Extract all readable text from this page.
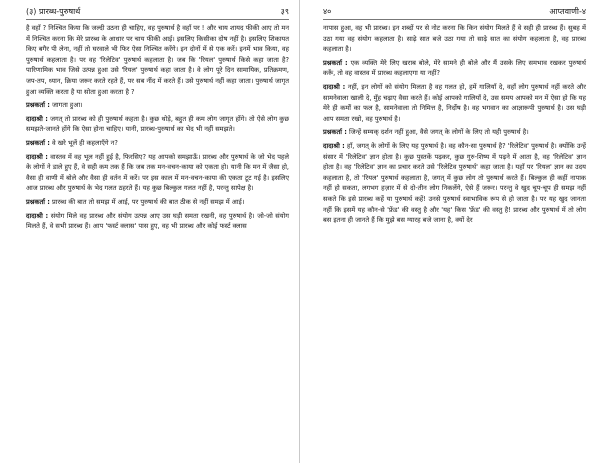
(३) प्रारब्ध-पुरुषार्थ	३९

है वहाँ ? निश्चित किया कि जल्दी उठना ही चाहिए, वह पुरुषार्थ है वहाँ पर ! और चाय शायद फीकी आए तो मन में निश्चित करना कि मेरे प्रारब्ध के आधार पर चाय फीकी आई। इसलिए किसीका दोष नहीं है। इसलिए शिकायत किए बगैर पी लेना, नहीं तो घरवाले भी फिर ऐसा निश्चित करेंगे। इन दोनों में से एक करें। इनमें भाव किया, वह पुरुषार्थ कहलाता है। पर वह 'रिलेटिव' पुरुषार्थ कहलाता है। जब कि 'रियल' पुरुषार्थ किसे कहा जाता है? पारिणामिक भाव जिसे उत्पन्न हुआ उसे 'रियल' पुरुषार्थ कहा जाता है। वे लोग पूरे दिन सामायिक, प्रतिक्रमण, जप-तप, ध्यान, क्रिया जरूर करते रहते हैं, पर सब नींद में करते हैं। उसे पुरुषार्थ नहीं कहा जाता। पुरुषार्थ जागृत हुआ व्यक्ति करता है या सोता हुआ करता है ?

प्रश्नकर्ता : जागता हुआ।

दादाश्री : जगत् तो प्रारब्ध को ही पुरुषार्थ कहता है। कुछ थोड़े, बहुत ही कम लोग जागृत होंगे। तो ऐसे लोग कुछ समझते-जानते होंगे कि ऐसा होना चाहिए। यानी, प्रारब्ध-पुरुषार्थ का भेद भी नहीं समझते।

प्रश्नकर्ता : वे खरे भूलें ही कहलाएँगे न?

दादाश्री : वास्तव में वह भूल नहीं हुई है, फिरसिए? यह आपको समझाऊँ। प्रारब्ध और पुरुषार्थ के जो भेद पहले के लोगों ने डाले हुए हैं, वे सही कम तक हैं कि जब तक मन-वचन-काया को एकता हो। यानी कि मन में जैसा हो, वैसा ही वाणी में बोले और वैसा ही वर्तन में करें। पर इस काल में मन-वचन-काया की एकता टूट गई है। इसलिए आज प्रारब्ध और पुरुषार्थ के भेद गलत ठहरते हैं। यह कुछ बिल्कुल गलत नहीं है, परन्तु सापेक्ष है।

प्रश्नकर्ता : प्रारब्ध की बात तो समझ में आई, पर पुरुषार्थ की बात ठीक से नहीं समझ में आई।

दादाश्री : संयोग मिले वह प्रारब्ध और संयोग उत्पन्न आए उस घड़ी समता रखनी, वह पुरुषार्थ है। जो-जो संयोग मिलते हैं, वे सभी प्रारब्ध हैं। आप 'फर्स्ट क्लास' पास हुए, वह भी प्रारब्ध और कोई फर्स्ट क्लास

४०	आप्तवाणी-४

नापास हुआ, वह भी प्रारब्ध। इन शब्दों पर से नोट करना कि किन संयोग मिलते हैं वे सही ही प्रारब्ध हैं। सुबह में उठा गया वह संयोग कहलाता है। साढ़े सात बजे उठा गया तो साढ़े सात का संयोग कहलाता है, वह प्रारब्ध कहलाता है।

प्रश्नकर्ता : एक व्यक्ति मेरे लिए खराब बोले, मेरे सामने ही बोले और मैं उसके लिए समभाव रखकर पुरुषार्थ करूँ, तो वह वास्तव में प्रारब्ध कहलाएगा या नहीं?

दादाश्री : नहीं, इन लोगों को संयोग मिलता है वह गलत हो, हमें गालियाँ दे, वहाँ लोग पुरुषार्थ नहीं करते और सामनेवाला खाली दे, मुँह चढ़ाए वैसा करते हैं। कोई आपको गालियाँ दे, उस समय आपको मन में ऐसा हो कि यह मेरे ही कर्मों का फल है, सामनेवाला तो निमित्त है, निर्दोष है। वह भगवान का आज्ञारूपी पुरुषार्थ है। उस घड़ी आप समता रखो, वह पुरुषार्थ है।

प्रश्नकर्ता : जिन्हें सम्यक् दर्शन नहीं हुआ, वैसे जगत् के लोगों के लिए तो यही पुरुषार्थ है।

दादाश्री : हाँ, जगत् के लोगों के लिए यह पुरुषार्थ है। वह कौन-सा पुरुषार्थ है? 'रिलेटिव' पुरुषार्थ है। क्योंकि उन्हें संसार में 'रिलेटिव' ज्ञान होता है। कुछ पुस्तकें पढ़कर, कुछ गुरु-शिष्य में पढ़ने में आता है, वह 'रिलेटिव' ज्ञान होता है। वह 'रिलेटिव' ज्ञान का प्रचार करते उसे 'रिलेटिव पुरुषार्थ' कहा जाता है। यहाँ पर 'रियल' ज्ञान का उदय कहलाता है, तो 'रियल' पुरुषार्थ कहलाता है, जगत् में कुछ लोग तो पुरुषार्थ करते हैं। बिल्कुल ही कहीं नापाक नहीं हो सकता, लगभग हज़ार में से दो-तीन लोग निकलेंगे, ऐसे हैं जरूर। परन्तु वे खुद चूप-चूप ही समझ नहीं सकते कि इसे प्रारब्ध कहें या पुरुषार्थ कहें! उनसे पुरुषार्थ स्वाभाविक रूप से हो जाता है। पर यह खुद जानता नहीं कि इसमें यह कौन-से 'फ्रेंड' की वस्तु है और 'यह' किस 'फ्रेंड' की वस्तु है! प्रारब्ध और पुरुषार्थ में तो लोग बस इतना ही जानते हैं कि मुझे बस ग्यारह बजे जाना है, क्यों देर
